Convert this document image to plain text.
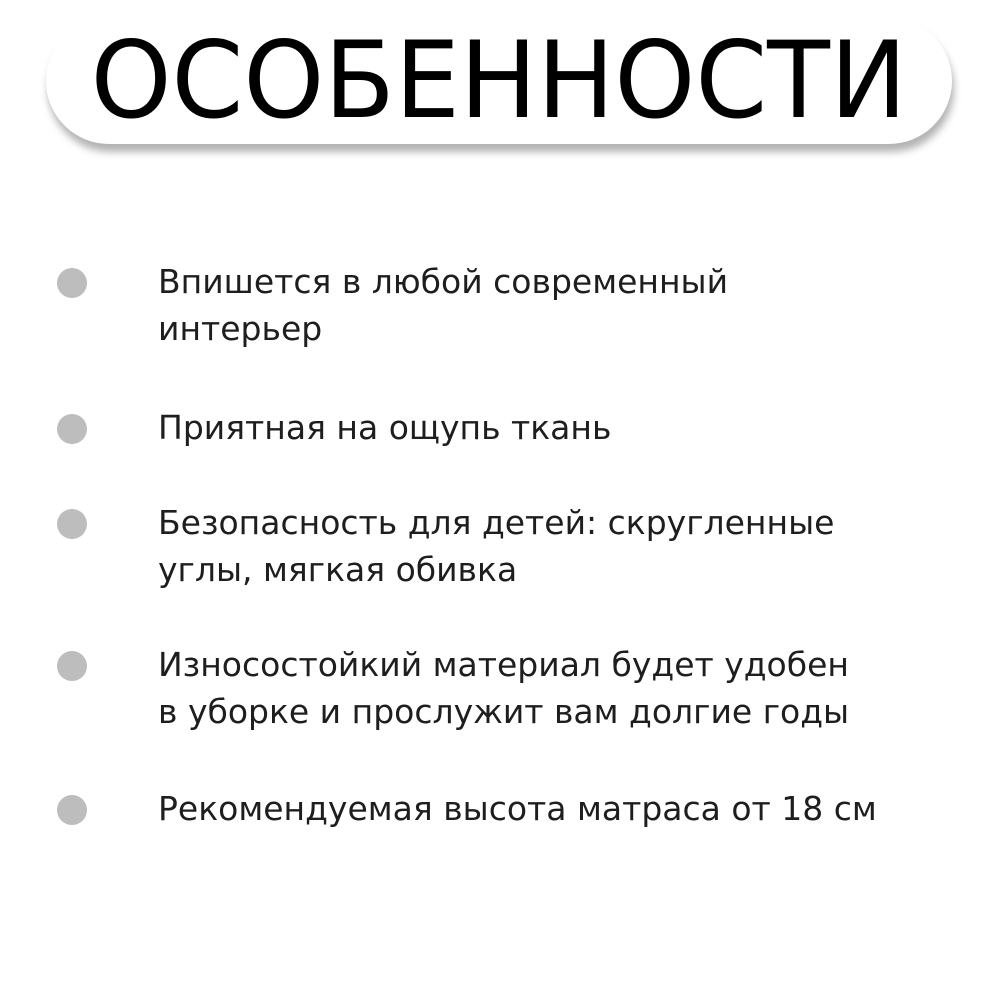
ОСОБЕННОСТИ
Впишется в любой современный
интерьер
Приятная на ощупь ткань
Безопасность для детей: скругленные
углы, мягкая обивка
Износостойкий материал будет удобен
в уборке и прослужит вам долгие годы
Рекомендуемая высота матраса от 18 см
